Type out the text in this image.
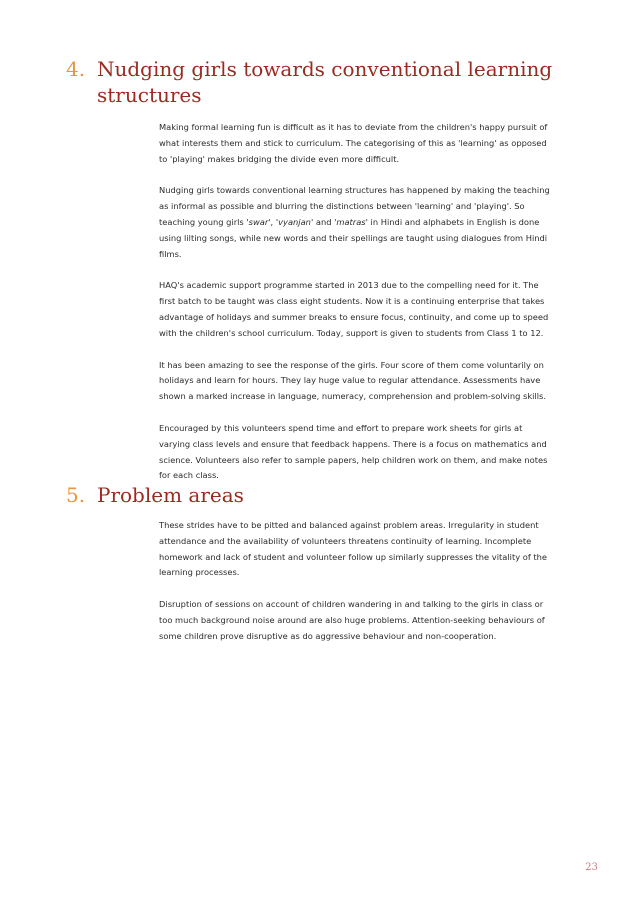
4. Nudging girls towards conventional learning
structures

Making formal learning fun is difficult as it has to deviate from the children's happy pursuit of what interests them and stick to curriculum. The categorising of this as 'learning' as opposed to 'playing' makes bridging the divide even more difficult.

Nudging girls towards conventional learning structures has happened by making the teaching as informal as possible and blurring the distinctions between 'learning' and 'playing'. So teaching young girls 'swar', 'vyanjan' and 'matras' in Hindi and alphabets in English is done using lilting songs, while new words and their spellings are taught using dialogues from Hindi films.

HAQ's academic support programme started in 2013 due to the compelling need for it. The first batch to be taught was class eight students. Now it is a continuing enterprise that takes advantage of holidays and summer breaks to ensure focus, continuity, and come up to speed with the children's school curriculum. Today, support is given to students from Class 1 to 12.

It has been amazing to see the response of the girls. Four score of them come voluntarily on holidays and learn for hours. They lay huge value to regular attendance. Assessments have shown a marked increase in language, numeracy, comprehension and problem-solving skills.

Encouraged by this volunteers spend time and effort to prepare work sheets for girls at varying class levels and ensure that feedback happens. There is a focus on mathematics and science. Volunteers also refer to sample papers, help children work on them, and make notes for each class.

5. Problem areas

These strides have to be pitted and balanced against problem areas. Irregularity in student attendance and the availability of volunteers threatens continuity of learning. Incomplete homework and lack of student and volunteer follow up similarly suppresses the vitality of the learning processes.

Disruption of sessions on account of children wandering in and talking to the girls in class or too much background noise around are also huge problems. Attention-seeking behaviours of some children prove disruptive as do aggressive behaviour and non-cooperation.

23
